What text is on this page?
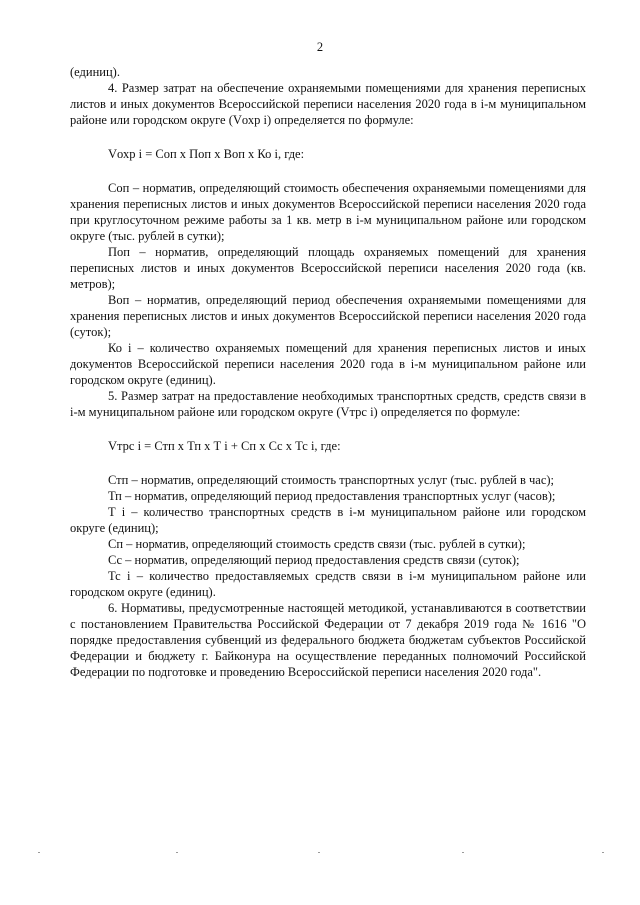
2

(единиц).

4. Размер затрат на обеспечение охраняемыми помещениями для хранения переписных листов и иных документов Всероссийской переписи населения 2020 года в i-м муниципальном районе или городском округе (Vохр i) определяется по формуле:

Vохр i = Соп х Поп х Воп х Ко i, где:

Соп – норматив, определяющий стоимость обеспечения охраняемыми помещениями для хранения переписных листов и иных документов Всероссийской переписи населения 2020 года при круглосуточном режиме работы за 1 кв. метр в i-м муниципальном районе или городском округе (тыс. рублей в сутки);

Поп – норматив, определяющий площадь охраняемых помещений для хранения переписных листов и иных документов Всероссийской переписи населения 2020 года (кв. метров);

Воп – норматив, определяющий период обеспечения охраняемыми помещениями для хранения переписных листов и иных документов Всероссийской переписи населения 2020 года (суток);

Ко i – количество охраняемых помещений для хранения переписных листов и иных документов Всероссийской переписи населения 2020 года в i-м муниципальном районе или городском округе (единиц).

5. Размер затрат на предоставление необходимых транспортных средств, средств связи в i-м муниципальном районе или городском округе (Vтрс i) определяется по формуле:

Vтрс i = Стп х Тп х Т i + Сп х Сс х Тс i, где:

Стп – норматив, определяющий стоимость транспортных услуг (тыс. рублей в час);

Тп – норматив, определяющий период предоставления транспортных услуг (часов);

Т i – количество транспортных средств в i-м муниципальном районе или городском округе (единиц);

Сп – норматив, определяющий стоимость средств связи (тыс. рублей в сутки);

Сс – норматив, определяющий период предоставления средств связи (суток);

Тс i – количество предоставляемых средств связи в i-м муниципальном районе или городском округе (единиц).

6. Нормативы, предусмотренные настоящей методикой, устанавливаются в соответствии с постановлением Правительства Российской Федерации от 7 декабря 2019 года № 1616 "О порядке предоставления субвенций из федерального бюджета бюджетам субъектов Российской Федерации и бюджету г. Байконура на осуществление переданных полномочий Российской Федерации по подготовке и проведению Всероссийской переписи населения 2020 года".
